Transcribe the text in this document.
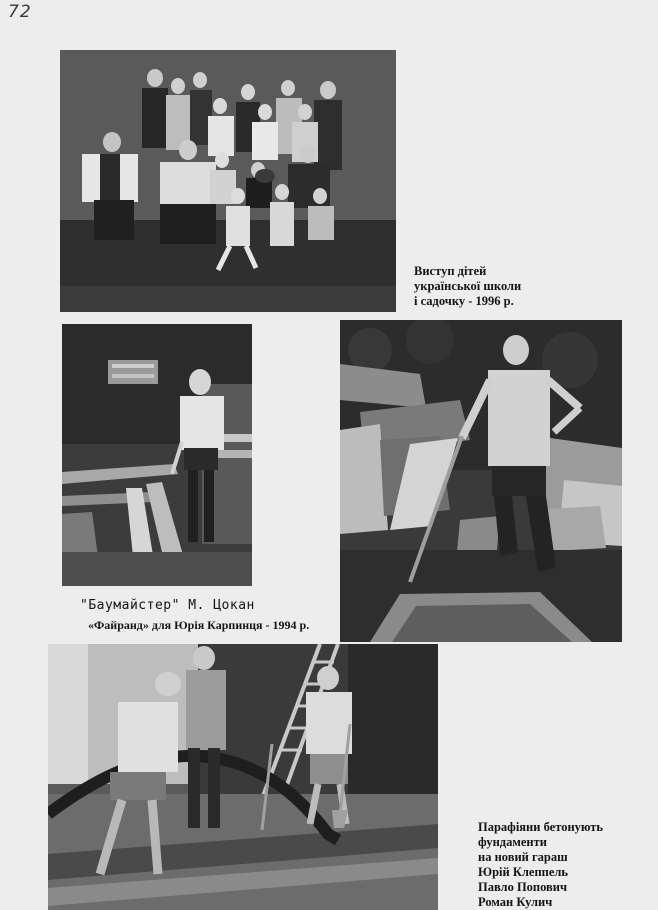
72
Виступ дітей
української школи
і садочку - 1996 р.
"Баумайстер" М. Цокан
«Файранд» для Юрія Карпинця - 1994 р.
Парафіяни бетонують
фундаменти
на новий гараш
Юрій Клеппель
Павло Попович
Роман Кулич
